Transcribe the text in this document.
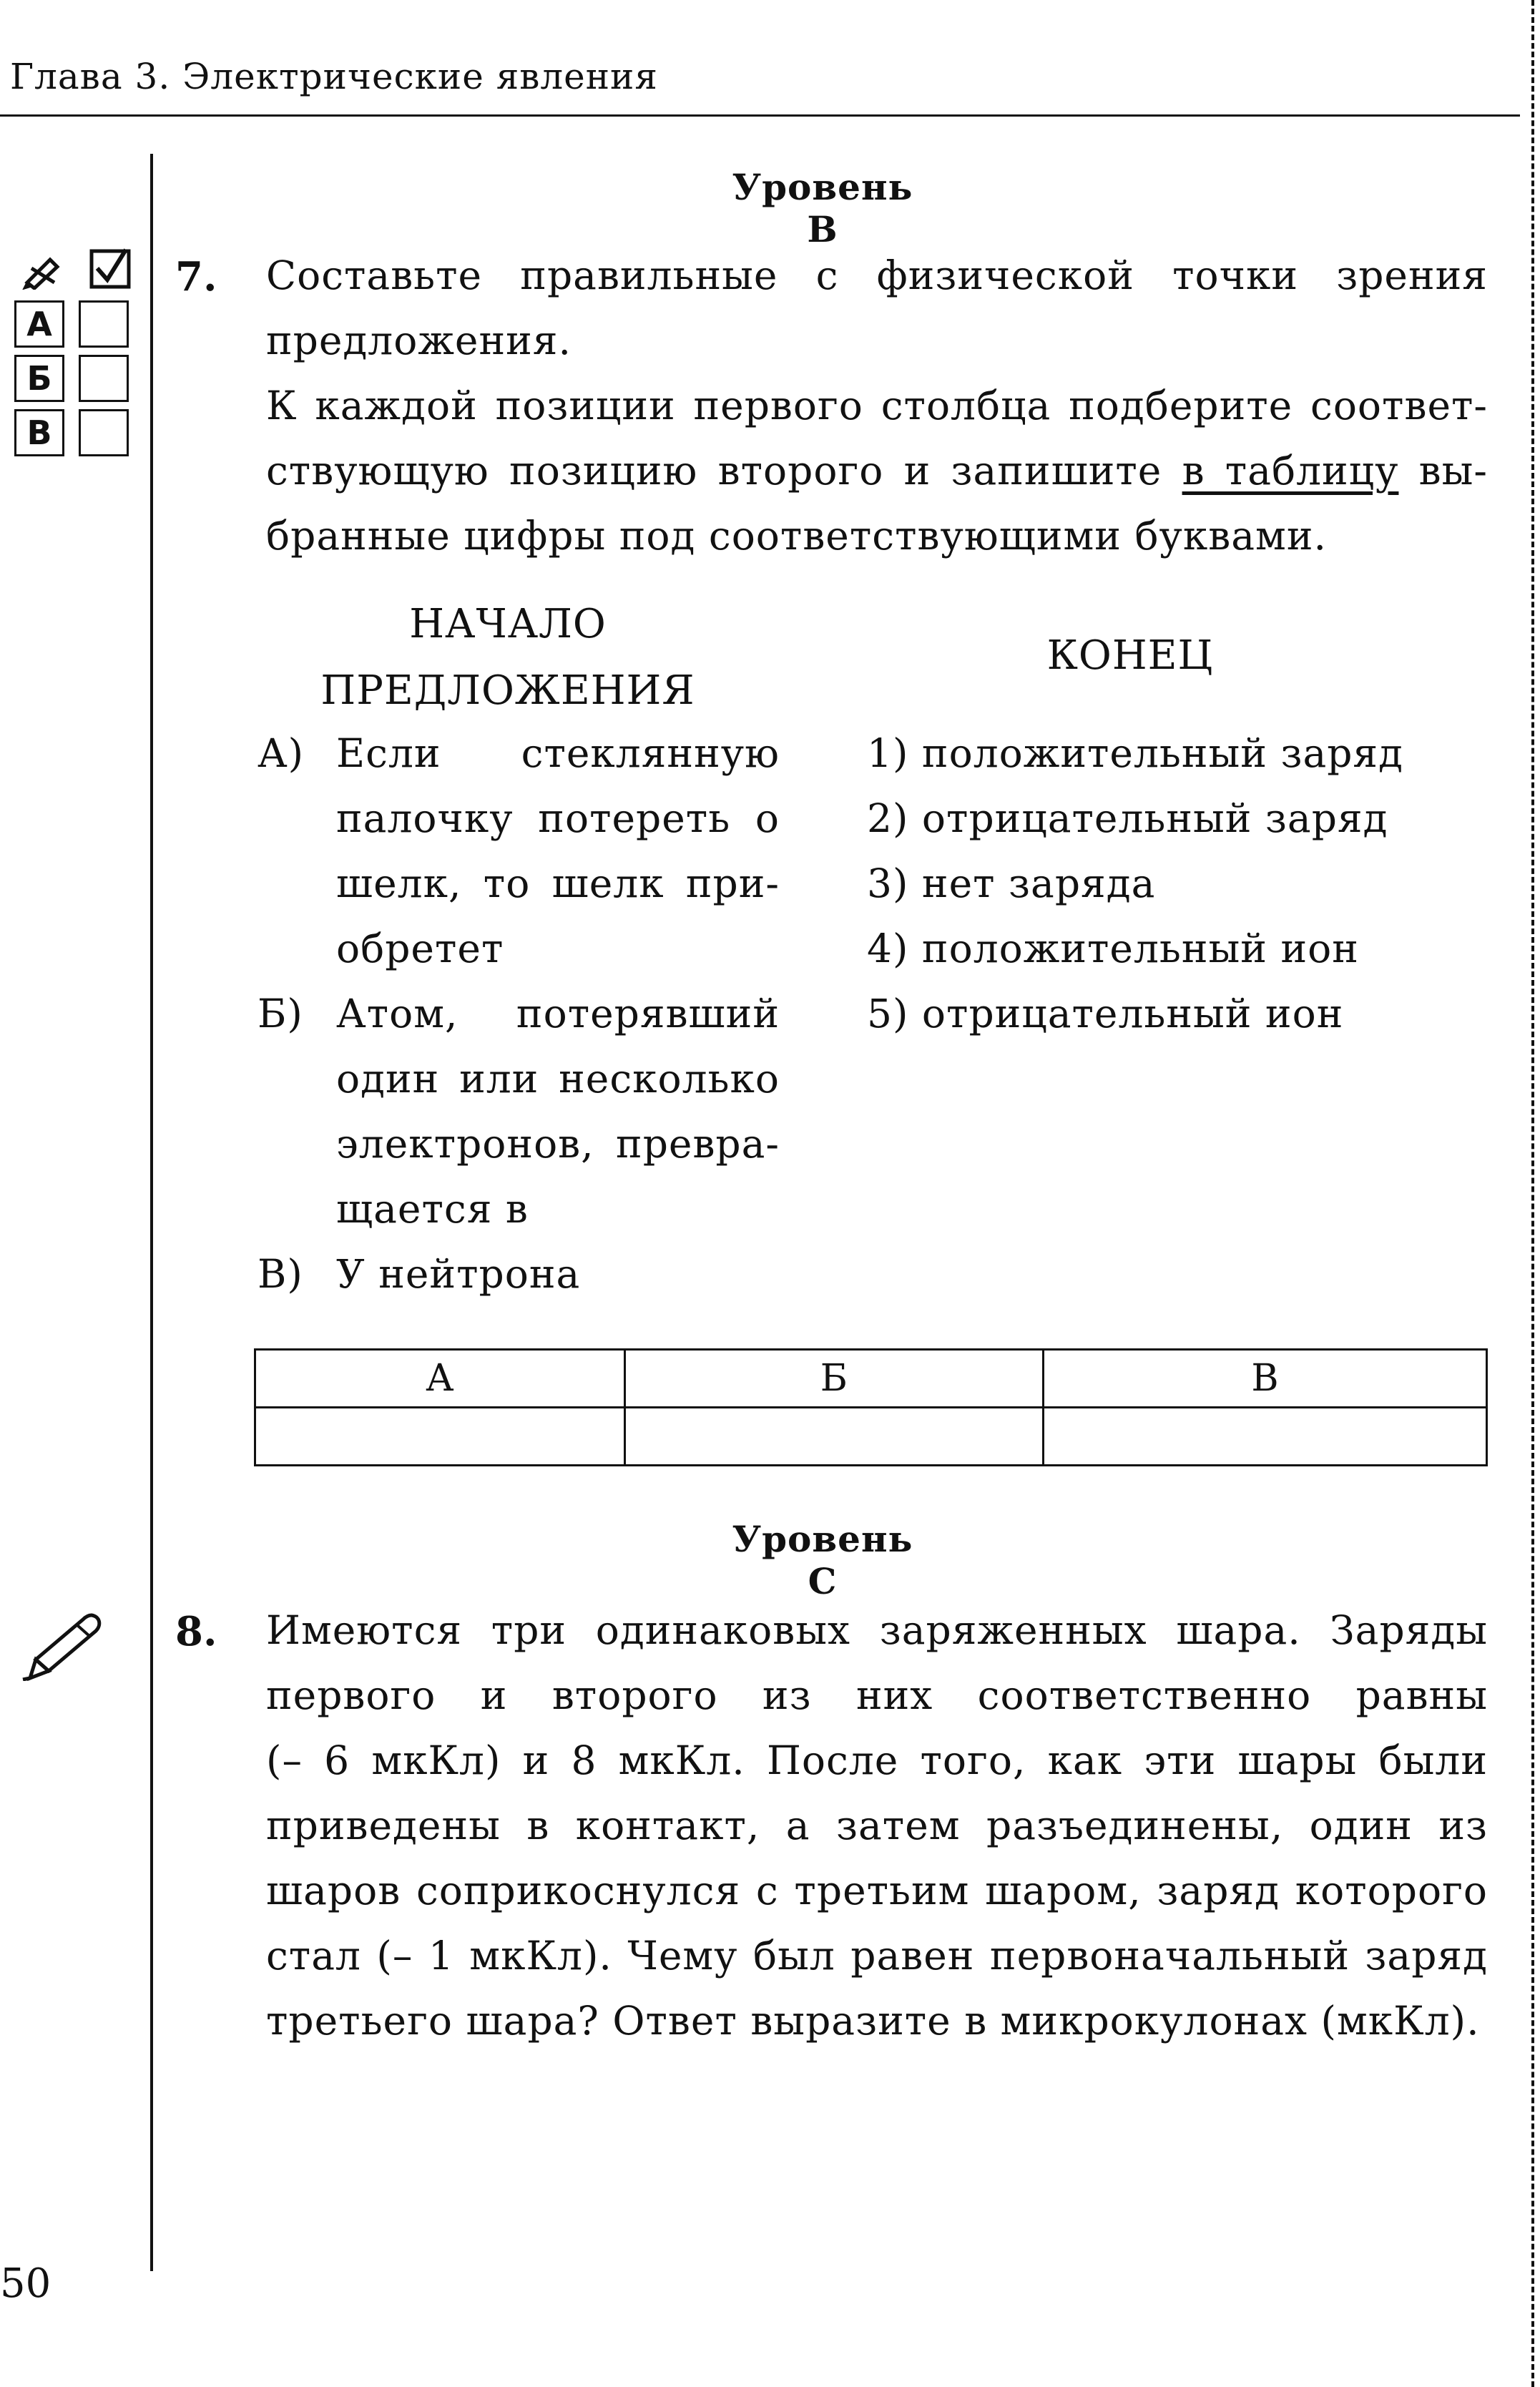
Глава 3. Электрические явления
А
Б
В
Уровень В
7. Составьте правильные с физической точки зрения
предложения.
К каждой позиции первого столбца подберите соответ-
ствующую позицию второго и запишите в таблицу вы-
бранные цифры под соответствующими буквами.
НАЧАЛО
ПРЕДЛОЖЕНИЯ
КОНЕЦ
А) Если стеклянную
палочку потереть о
шелк, то шелк при-
обретет
Б) Атом, потерявший
один или несколько
электронов, превра-
щается в
В) У нейтрона
1) положительный заряд
2) отрицательный заряд
3) нет заряда
4) положительный ион
5) отрицательный ион
А	Б	В

Уровень С
8. Имеются три одинаковых заряженных шара. Заряды
первого и второго из них соответственно равны
(– 6 мкКл) и 8 мкКл. После того, как эти шары были
приведены в контакт, а затем разъединены, один из
шаров соприкоснулся с третьим шаром, заряд которого
стал (– 1 мкКл). Чему был равен первоначальный заряд
третьего шара? Ответ выразите в микрокулонах (мкКл).
50
